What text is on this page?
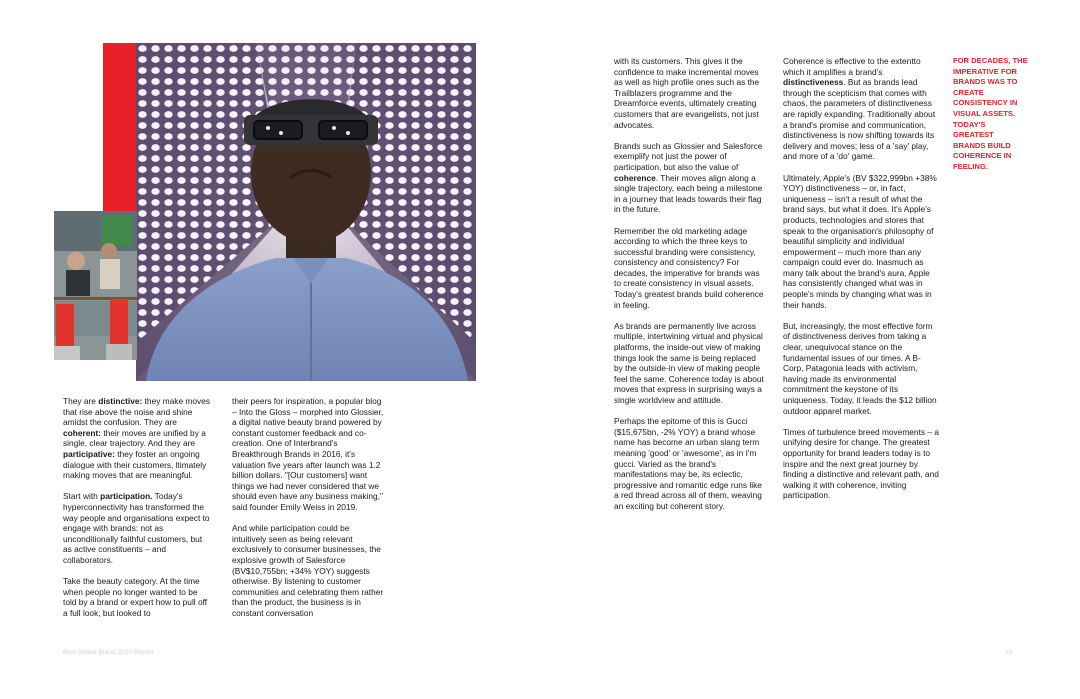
They are distinctive: they make moves that rise above the noise and shine amidst the confusion. They are coherent: their moves are unified by a single, clear trajectory. And they are participative: they foster an ongoing dialogue with their customers, ltimately making moves that are meaningful.

Start with participation. Today's hyperconnectivity has transformed the way people and organisations expect to engage with brands: not as unconditionally faithful customers, but as active constituents – and collaborators.

Take the beauty category. At the time when people no longer wanted to be told by a brand or expert how to pull off a full look, but looked to

their peers for inspiration, a popular blog – Into the Gloss – morphed into Glossier, a digital native beauty brand powered by constant customer feedback and co-creation. One of Interbrand's Breakthrough Brands in 2016, it's valuation five years after launch was 1.2 billion dollars. "[Our customers] want things we had never considered that we should even have any business making," said founder Emily Weiss in 2019.

And while participation could be intuitively seen as being relevant exclusively to consumer businesses, the explosive growth of Salesforce (BV$10,755bn; +34% YOY) suggests otherwise. By listening to customer communities and celebrating them rather than the product, the business is in constant conversation

with its customers. This gives it the confidence to make incremental moves as well as high profile ones such as the Trailblazers programme and the Dreamforce events, ultimately creating customers that are evangelists, not just advocates.

Brands such as Glossier and Salesforce exemplify not just the power of participation, but also the value of coherence. Their moves align along a single trajectory, each being a milestone in a journey that leads towards their flag in the future.

Remember the old marketing adage according to which the three keys to successful branding were consistency, consistency and consistency? For decades, the imperative for brands was to create consistency in visual assets. Today's greatest brands build coherence in feeling.

As brands are permanently live across multiple, intertwining virtual and physical platforms, the inside-out view of making things look the same is being replaced by the outside-in view of making people feel the same. Coherence today is about moves that express in surprising ways a single worldview and attitude.

Perhaps the epitome of this is Gucci ($15,675bn, -2% YOY) a brand whose name has become an urban slang term meaning 'good' or 'awesome', as in I'm gucci. Varied as the brand's manifestations may be, its eclectic, progressive and romantic edge runs like a red thread across all of them, weaving an exciting but coherent story.

Coherence is effective to the extentto which it amplifies a brand's distinctiveness. But as brands lead through the scepticism that comes with chaos, the parameters of distinctiveness are rapidly expanding. Traditionally about a brand's promise and communication, distinctiveness is now shifting towards its delivery and moves; less of a 'say' play, and more of a 'do' game.

Ultimately, Apple's (BV $322,999bn +38% YOY) distinctiveness – or, in fact, uniqueness – isn't a result of what the brand says, but what it does. It's Apple's products, technologies and stores that speak to the organisation's philosophy of beautiful simplicity and individual empowerment – much more than any campaign could ever do. Inasmuch as many talk about the brand's aura, Apple has consistently changed what was in people's minds by changing what was in their hands.

But, increasingly, the most effective form of distinctiveness derives from taking a clear, unequivocal stance on the fundamental issues of our times. A B-Corp, Patagonia leads with activism, having made its environmental commitment the keystone of its uniqueness. Today, it leads the $12 billion outdoor apparel market.

Times of turbulence breed movements – a unifying desire for change. The greatest opportunity for brand leaders today is to inspire and the next great journey by finding a distinctive and relevant path, and walking it with coherence, inviting participation.

FOR DECADES, THE IMPERATIVE FOR BRANDS WAS TO CREATE CONSISTENCY IN VISUAL ASSETS. TODAY'S GREATEST BRANDS BUILD COHERENCE IN FEELING.
Best Global Brand 2020 Report	15
